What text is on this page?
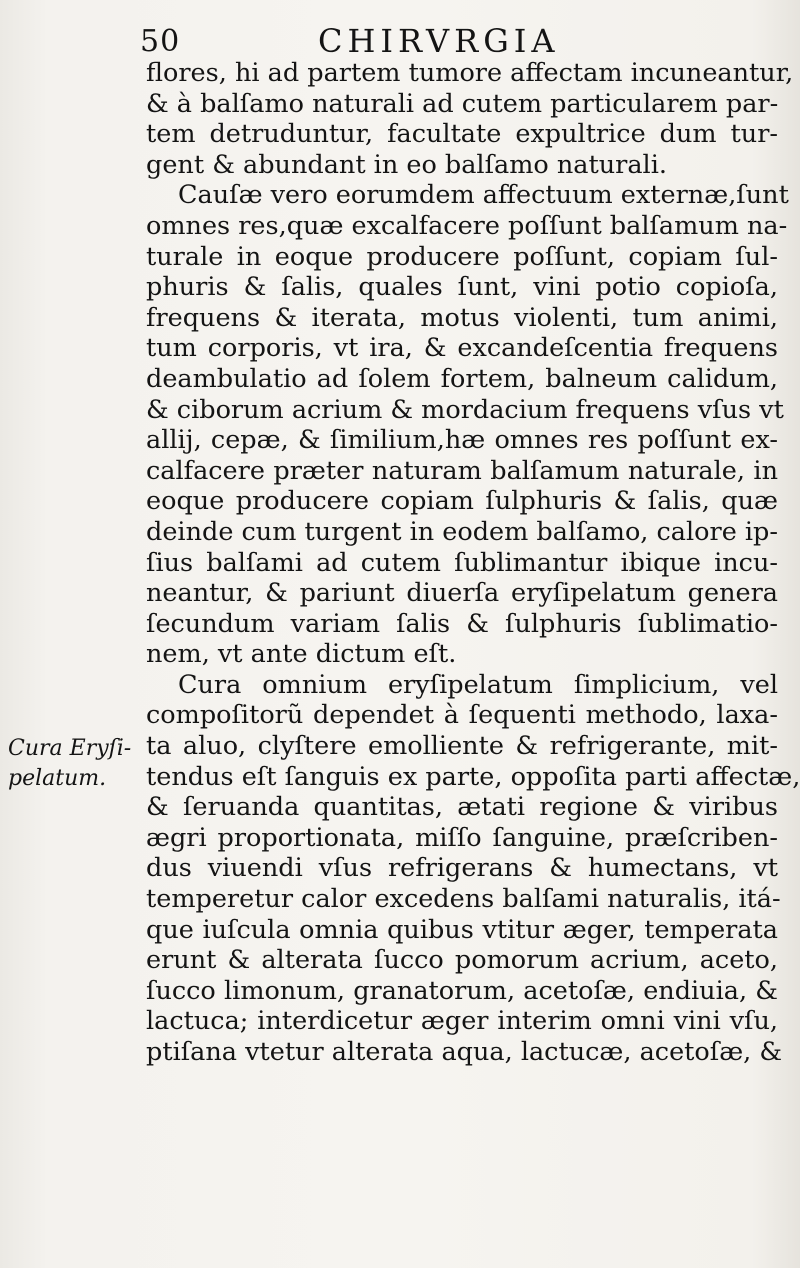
50	CHIRVRGIA
Cura Eryſi-
pelatum.
flores, hi ad partem tumore affectam incuneantur,
& à balſamo naturali ad cutem particularem par-
tem detruduntur, facultate expultrice dum tur-
gent & abundant in eo balſamo naturali.
Cauſæ vero eorumdem affectuum externæ,ſunt
omnes res,quæ excalfacere poſſunt balſamum na-
turale in eoque producere poſſunt, copiam ſul-
phuris & ſalis, quales ſunt, vini potio copioſa,
frequens & iterata, motus violenti, tum animi,
tum corporis, vt ira, & excandeſcentia frequens
deambulatio ad ſolem fortem, balneum calidum,
& ciborum acrium & mordacium frequens vſus vt
allij, cepæ, & ſimilium,hæ omnes res poſſunt ex-
calfacere præter naturam balſamum naturale, in
eoque producere copiam ſulphuris & ſalis, quæ
deinde cum turgent in eodem balſamo, calore ip-
ſius balſami ad cutem ſublimantur ibique incu-
neantur, & pariunt diuerſa eryſipelatum genera
ſecundum variam ſalis & ſulphuris ſublimatio-
nem, vt ante dictum eſt.
Cura omnium eryſipelatum ſimplicium, vel
compoſitorũ dependet à ſequenti methodo, laxa-
ta aluo, clyſtere emolliente & refrigerante, mit-
tendus eſt ſanguis ex parte, oppoſita parti affectæ,
& ſeruanda quantitas, ætati regione & viribus
ægri proportionata, miſſo ſanguine, præſcriben-
dus viuendi vſus refrigerans & humectans, vt
temperetur calor excedens balſami naturalis, itá-
que iuſcula omnia quibus vtitur æger, temperata
erunt & alterata ſucco pomorum acrium, aceto,
ſucco limonum, granatorum, acetoſæ, endiuia, &
lactuca; interdicetur æger interim omni vini vſu,
ptiſana vtetur alterata aqua, lactucæ, acetoſæ, &
